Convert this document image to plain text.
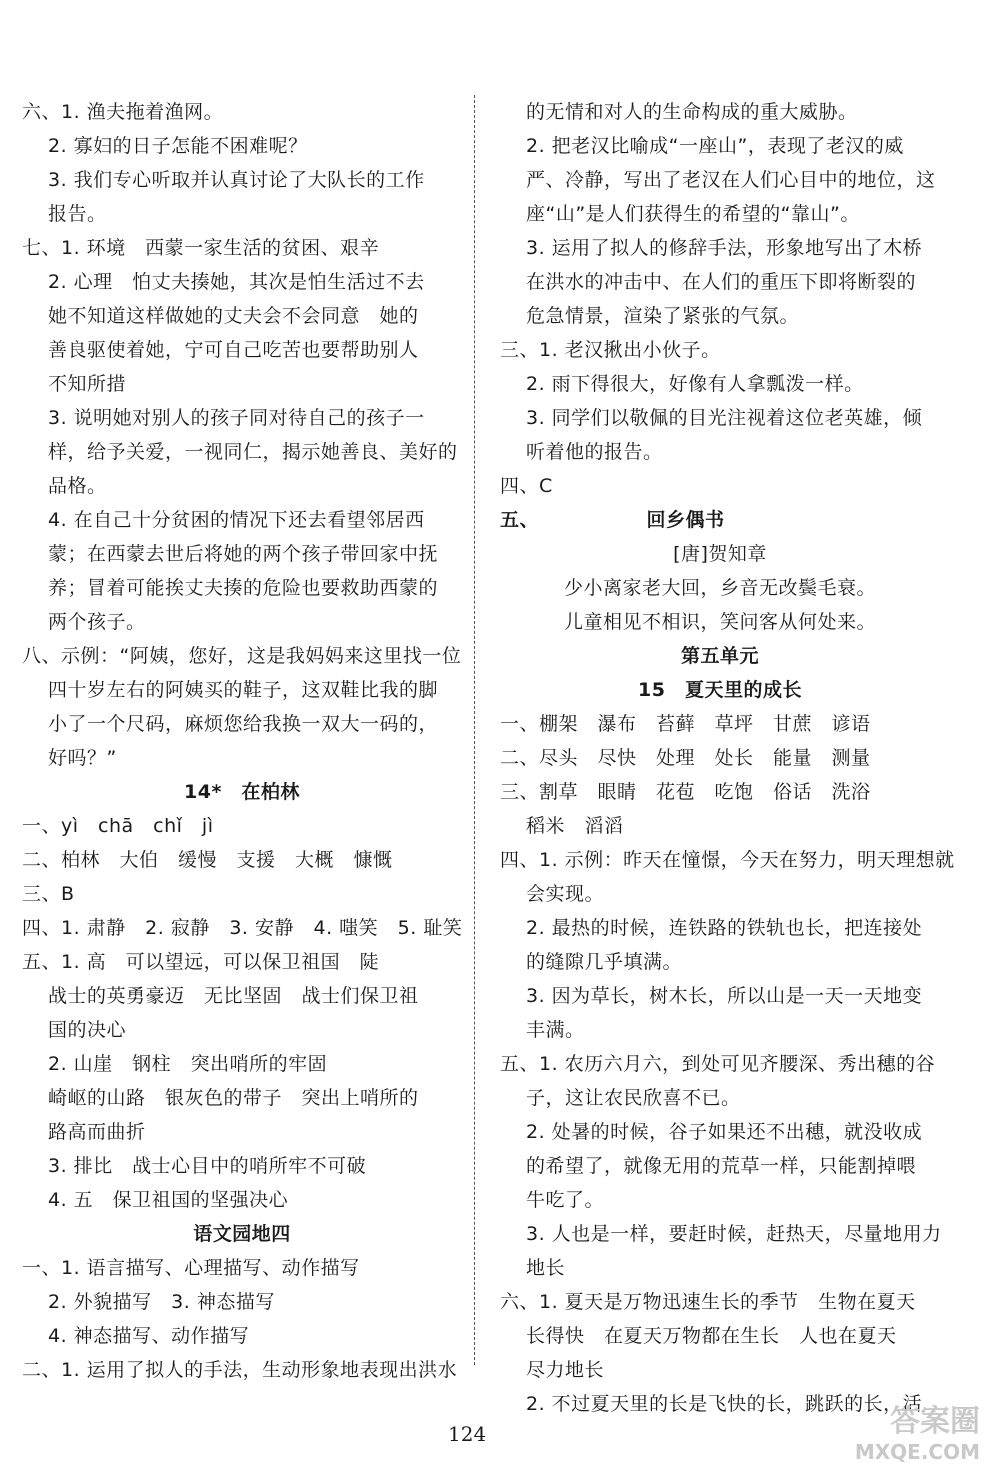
六、1. 渔夫拖着渔网。
2. 寡妇的日子怎能不困难呢？
3. 我们专心听取并认真讨论了大队长的工作
报告。
七、1. 环境　西蒙一家生活的贫困、艰辛
2. 心理　怕丈夫揍她，其次是怕生活过不去
她不知道这样做她的丈夫会不会同意　她的
善良驱使着她，宁可自己吃苦也要帮助别人
不知所措
3. 说明她对别人的孩子同对待自己的孩子一
样，给予关爱，一视同仁，揭示她善良、美好的
品格。
4. 在自己十分贫困的情况下还去看望邻居西
蒙；在西蒙去世后将她的两个孩子带回家中抚
养；冒着可能挨丈夫揍的危险也要救助西蒙的
两个孩子。
八、示例：“阿姨，您好，这是我妈妈来这里找一位
四十岁左右的阿姨买的鞋子，这双鞋比我的脚
小了一个尺码，麻烦您给我换一双大一码的，
好吗？”
14*　在柏林
一、yì　chā　chǐ　jì
二、柏林　大伯　缓慢　支援　大概　慷慨
三、B
四、1. 肃静　2. 寂静　3. 安静　4. 嗤笑　5. 耻笑
五、1. 高　可以望远，可以保卫祖国　陡
战士的英勇豪迈　无比坚固　战士们保卫祖
国的决心
2. 山崖　钢柱　突出哨所的牢固
崎岖的山路　银灰色的带子　突出上哨所的
路高而曲折
3. 排比　战士心目中的哨所牢不可破
4. 五　保卫祖国的坚强决心
语文园地四
一、1. 语言描写、心理描写、动作描写
2. 外貌描写　3. 神态描写
4. 神态描写、动作描写
二、1. 运用了拟人的手法，生动形象地表现出洪水
的无情和对人的生命构成的重大威胁。
2. 把老汉比喻成“一座山”，表现了老汉的威
严、冷静，写出了老汉在人们心目中的地位，这
座“山”是人们获得生的希望的“靠山”。
3. 运用了拟人的修辞手法，形象地写出了木桥
在洪水的冲击中、在人们的重压下即将断裂的
危急情景，渲染了紧张的气氛。
三、1. 老汉揪出小伙子。
2. 雨下得很大，好像有人拿瓢泼一样。
3. 同学们以敬佩的目光注视着这位老英雄，倾
听着他的报告。
四、C
五、　　　　　　回乡偶书
[唐]贺知章
少小离家老大回，乡音无改鬓毛衰。
儿童相见不相识，笑问客从何处来。
第五单元
15　夏天里的成长
一、棚架　瀑布　苔藓　草坪　甘蔗　谚语
二、尽头　尽快　处理　处长　能量　测量
三、割草　眼睛　花苞　吃饱　俗话　洗浴
稻米　滔滔
四、1. 示例：昨天在憧憬，今天在努力，明天理想就
会实现。
2. 最热的时候，连铁路的铁轨也长，把连接处
的缝隙几乎填满。
3. 因为草长，树木长，所以山是一天一天地变
丰满。
五、1. 农历六月六，到处可见齐腰深、秀出穗的谷
子，这让农民欣喜不已。
2. 处暑的时候，谷子如果还不出穗，就没收成
的希望了，就像无用的荒草一样，只能割掉喂
牛吃了。
3. 人也是一样，要赶时候，赶热天，尽量地用力
地长
六、1. 夏天是万物迅速生长的季节　生物在夏天
长得快　在夏天万物都在生长　人也在夏天
尽力地长
2. 不过夏天里的长是飞快的长，跳跃的长，活
124	答案圈
MXQE.COM
